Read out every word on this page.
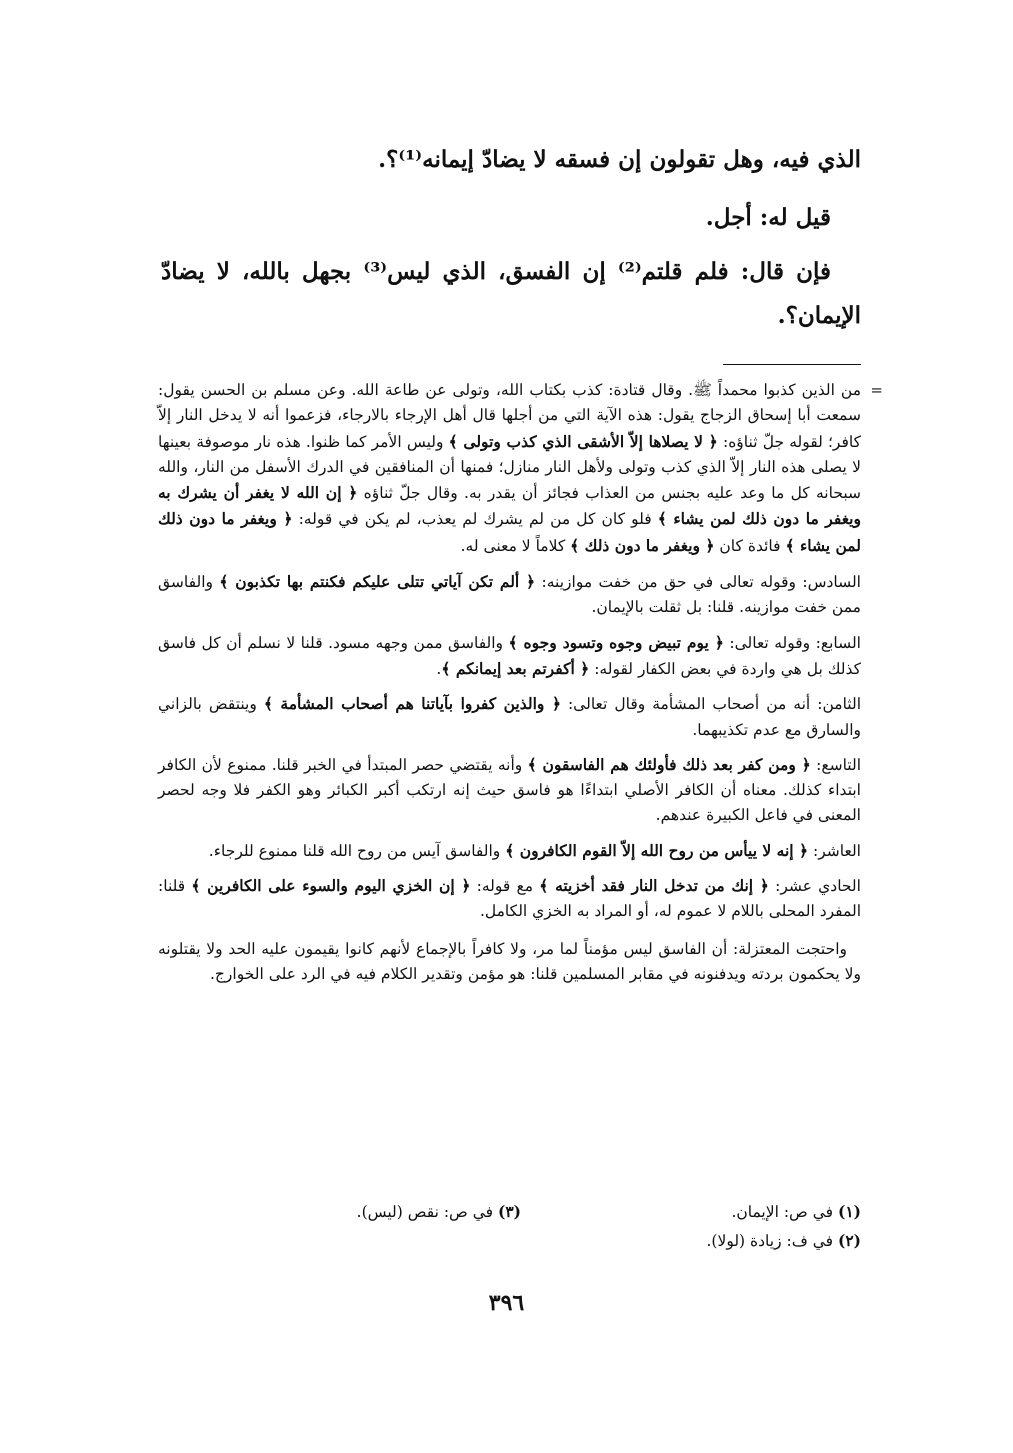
الذي فيه، وهل تقولون إن فسقه لا يضادّ إيمانه⁽¹⁾؟.

قيل له: أجل.

فإن قال: فلم قلتم⁽²⁾ إن الفسق، الذي ليس⁽³⁾ بجهل بالله، لا يضادّ الإيمان؟.

=

من الذين كذبوا محمداً ﷺ. وقال قتادة: كذب بكتاب الله، وتولى عن طاعة الله. وعن مسلم بن الحسن يقول: سمعت أبا إسحاق الزجاج يقول: هذه الآية التي من أجلها قال أهل الإرجاء بالارجاء، فزعموا أنه لا يدخل النار إلاّ كافر؛ لقوله جلّ ثناؤه: ﴿ لا يصلاها إلاّ الأشقى الذي كذب وتولى ﴾ وليس الأمر كما ظنوا. هذه نار موصوفة بعينها لا يصلى هذه النار إلاّ الذي كذب وتولى ولأهل النار منازل؛ فمنها أن المنافقين في الدرك الأسفل من النار، والله سبحانه كل ما وعد عليه بجنس من العذاب فجائز أن يقدر به. وقال جلّ ثناؤه ﴿ إن الله لا يغفر أن يشرك به ويغفر ما دون ذلك لمن يشاء ﴾ فلو كان كل من لم يشرك لم يعذب، لم يكن في قوله: ﴿ ويغفر ما دون ذلك لمن يشاء ﴾ فائدة كان ﴿ ويغفر ما دون ذلك ﴾ كلاماً لا معنى له.

السادس: وقوله تعالى في حق من خفت موازينه: ﴿ ألم تكن آياتي تتلى عليكم فكنتم بها تكذبون ﴾ والفاسق ممن خفت موازينه. قلنا: بل ثقلت بالإيمان.

السابع: وقوله تعالى: ﴿ يوم تبيض وجوه وتسود وجوه ﴾ والفاسق ممن وجهه مسود. قلنا لا نسلم أن كل فاسق كذلك بل هي واردة في بعض الكفار لقوله: ﴿ أكفرتم بعد إيمانكم ﴾.

الثامن: أنه من أصحاب المشأمة وقال تعالى: ﴿ والذين كفروا بآياتنا هم أصحاب المشأمة ﴾ وينتقض بالزاني والسارق مع عدم تكذيبهما.

التاسع: ﴿ ومن كفر بعد ذلك فأولئك هم الفاسقون ﴾ وأنه يقتضي حصر المبتدأ في الخبر قلنا. ممنوع لأن الكافر ابتداء كذلك. معناه أن الكافر الأصلي ابتداءًا هو فاسق حيث إنه ارتكب أكبر الكبائر وهو الكفر فلا وجه لحصر المعنى في فاعل الكبيرة عندهم.

العاشر: ﴿ إنه لا ييأس من روح الله إلاّ القوم الكافرون ﴾ والفاسق آيس من روح الله قلنا ممنوع للرجاء.

الحادي عشر: ﴿ إنك من تدخل النار فقد أخزيته ﴾ مع قوله: ﴿ إن الخزي اليوم والسوء على الكافرين ﴾ قلنا: المفرد المحلى باللام لا عموم له، أو المراد به الخزي الكامل.

واحتجت المعتزلة: أن الفاسق ليس مؤمناً لما مر، ولا كافراً بالإجماع لأنهم كانوا يقيمون عليه الحد ولا يقتلونه ولا يحكمون بردته ويدفنونه في مقابر المسلمين قلنا: هو مؤمن وتقدير الكلام فيه في الرد على الخوارج.

(١) في ص: الإيمان.
(٣) في ص: نقص (ليس).
(٢) في ف: زيادة (لولا).
٣٩٦
